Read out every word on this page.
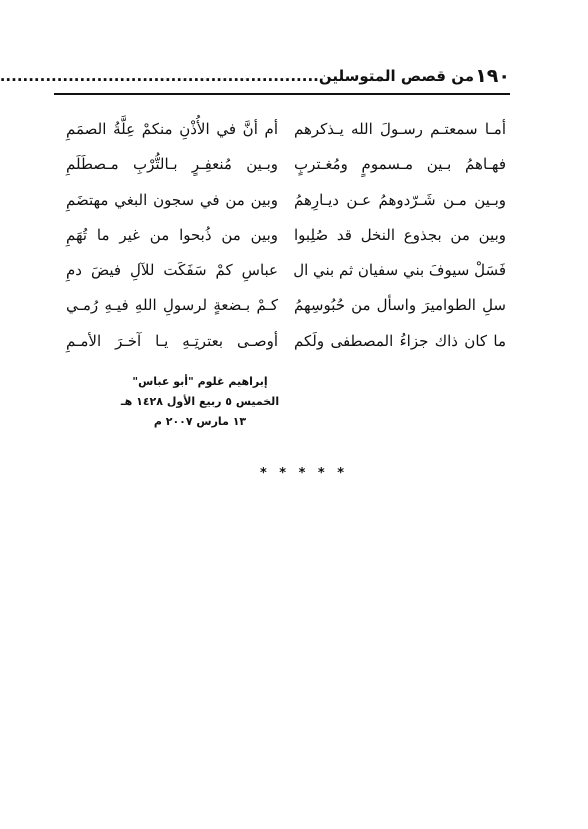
١٩٠
من قصص المتوسلين........................................................
أمـا سمعتـم رسـولَ الله يـذكرهم
فهـاهمُ بـين مـسمومٍ ومُغـتربٍ
وبـين مـن شَـرّدوهمُ عـن ديـارِهمُ
وبين من بجذوع النخل قد صُلِبوا
فَسَلْ سيوفَ بني سفيان ثم بني ال
سلِ الطواميرَ واسأل من حُبُوسِهمُ
ما كان ذاك جزاءُ المصطفى ولَكم
أم أنَّ في الأُذْنِ منكمْ عِلَّةُ الصمَمِ
وبـين مُنعفِـرٍ بـالتُّرْبِ مـصطَلَمِ
وبين من في سجون البغي مهتضَمِ
وبين من ذُبحوا من غير ما تُهَمِ
عباسِ كمْ سَفَكَت للآلِ فيضَ دمِ
كـمْ بـضعةٍ لرسولِ اللهِ فيـهِ رُمـي
أوصـى بعترتِـهِ يـا آخـرَ الأمـمِ
إبراهيم غلوم "أبو عباس"
الخميس ٥ ربيع الأول ١٤٢٨ هـ
١٣ مارس ٢٠٠٧ م
* * * * *
